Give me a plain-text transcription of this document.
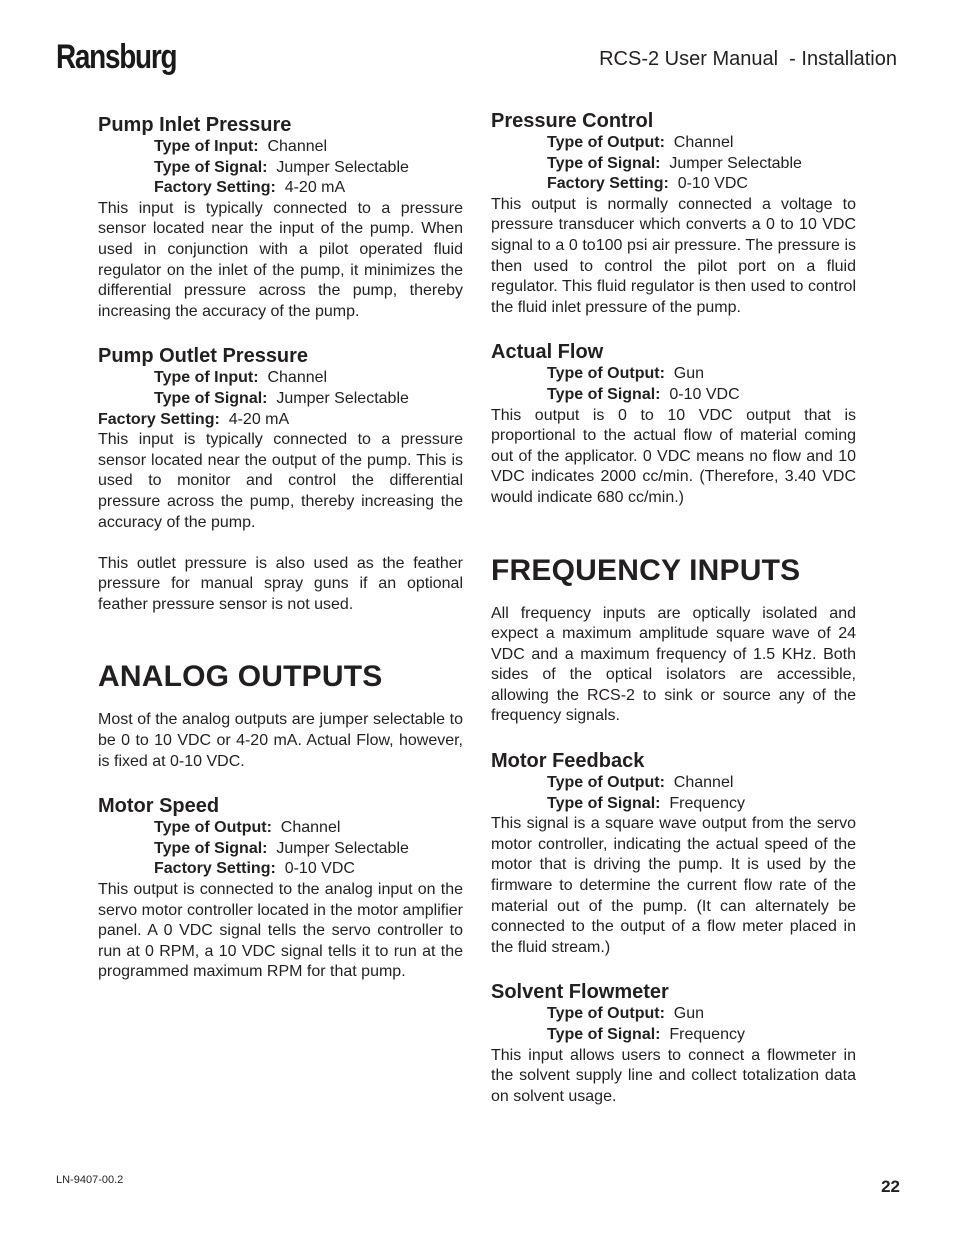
Ransburg	RCS-2 User Manual  - Installation
Pump Inlet Pressure
Type of Input: Channel
Type of Signal: Jumper Selectable
Factory Setting: 4-20 mA

This input is typically connected to a pressure sensor located near the input of the pump. When used in conjunction with a pilot operated fluid regulator on the inlet of the pump, it minimizes the differential pressure across the pump, thereby increasing the accuracy of the pump.

Pump Outlet Pressure
Type of Input: Channel
Type of Signal: Jumper Selectable
Factory Setting: 4-20 mA

This input is typically connected to a pressure sensor located near the output of the pump. This is used to monitor and control the differential pressure across the pump, thereby increasing the accuracy of the pump.

This outlet pressure is also used as the feather pressure for manual spray guns if an optional feather pressure sensor is not used.

ANALOG OUTPUTS

Most of the analog outputs are jumper selectable to be 0 to 10 VDC or 4-20 mA. Actual Flow, however, is fixed at 0-10 VDC.

Motor Speed
Type of Output: Channel
Type of Signal: Jumper Selectable
Factory Setting: 0-10 VDC

This output is connected to the analog input on the servo motor controller located in the motor amplifier panel. A 0 VDC signal tells the servo controller to run at 0 RPM, a 10 VDC signal tells it to run at the programmed maximum RPM for that pump.

Pressure Control
Type of Output: Channel
Type of Signal: Jumper Selectable
Factory Setting: 0-10 VDC

This output is normally connected a voltage to pressure transducer which converts a 0 to 10 VDC signal to a 0 to100 psi air pressure. The pressure is then used to control the pilot port on a fluid regulator. This fluid regulator is then used to control the fluid inlet pressure of the pump.

Actual Flow
Type of Output: Gun
Type of Signal: 0-10 VDC

This output is 0 to 10 VDC output that is proportional to the actual flow of material coming out of the applicator. 0 VDC means no flow and 10 VDC indicates 2000 cc/min. (Therefore, 3.40 VDC would indicate 680 cc/min.)

FREQUENCY INPUTS

All frequency inputs are optically isolated and expect a maximum amplitude square wave of 24 VDC and a maximum frequency of 1.5 KHz. Both sides of the optical isolators are accessible, allowing the RCS-2 to sink or source any of the frequency signals.

Motor Feedback
Type of Output: Channel
Type of Signal: Frequency

This signal is a square wave output from the servo motor controller, indicating the actual speed of the motor that is driving the pump. It is used by the firmware to determine the current flow rate of the material out of the pump. (It can alternately be connected to the output of a flow meter placed in the fluid stream.)

Solvent Flowmeter
Type of Output: Gun
Type of Signal: Frequency

This input allows users to connect a flowmeter in the solvent supply line and collect totalization data on solvent usage.

LN-9407-00.2	22
